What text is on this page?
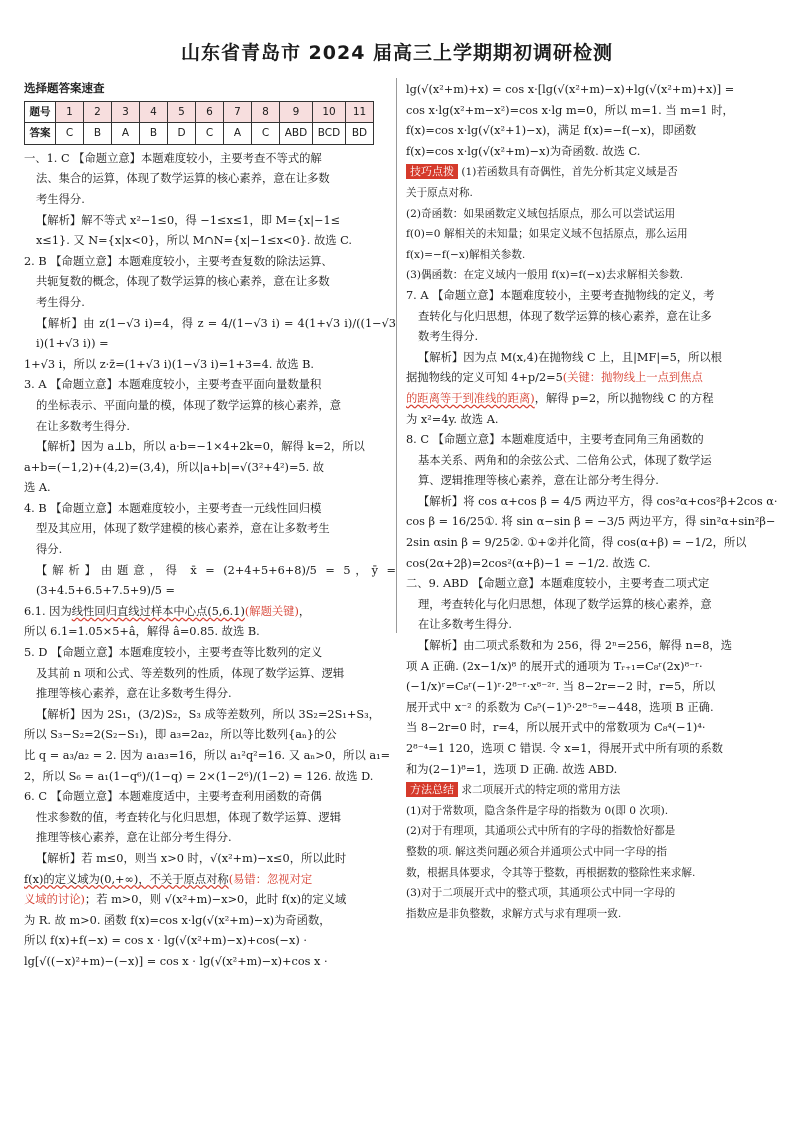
山东省青岛市 2024 届高三上学期期初调研检测
选择题答案速查
题号	1	2	3	4	5	6	7	8	9	10	11
答案	C	B	A	B	D	C	A	C	ABD	BCD	BD

一、1. C 【命题立意】本题难度较小，主要考查不等式的解

法、集合的运算，体现了数学运算的核心素养，意在让多数

考生得分.

【解析】解不等式 x²−1≤0，得 −1≤x≤1，即 M={x|−1≤

x≤1}. 又 N={x|x<0}，所以 M∩N={x|−1≤x<0}. 故选 C.

2. B 【命题立意】本题难度较小，主要考查复数的除法运算、

共轭复数的概念，体现了数学运算的核心素养，意在让多数

考生得分.

【解析】由 z(1−√3 i)=4，得 z = 4/(1−√3 i) = 4(1+√3 i)/((1−√3 i)(1+√3 i)) =

1+√3 i，所以 z·z̄=(1+√3 i)(1−√3 i)=1+3=4. 故选 B.

3. A 【命题立意】本题难度较小，主要考查平面向量数量积

的坐标表示、平面向量的模，体现了数学运算的核心素养，意

在让多数考生得分.

【解析】因为 a⊥b，所以 a·b=−1×4+2k=0，解得 k=2，所以

a+b=(−1,2)+(4,2)=(3,4)，所以|a+b|=√(3²+4²)=5. 故

选 A.

4. B 【命题立意】本题难度较小，主要考查一元线性回归模

型及其应用，体现了数学建模的核心素养，意在让多数考生

得分.

【解析】由题意，得 x̄ = (2+4+5+6+8)/5 = 5，ȳ = (3+4.5+6.5+7.5+9)/5 =

6.1. 因为线性回归直线过样本中心点(5,6.1)(解题关键)，

所以 6.1=1.05×5+â，解得 â=0.85. 故选 B.

5. D 【命题立意】本题难度较小，主要考查等比数列的定义

及其前 n 项和公式、等差数列的性质，体现了数学运算、逻辑

推理等核心素养，意在让多数考生得分.

【解析】因为 2S₁，(3/2)S₂，S₃ 成等差数列，所以 3S₂=2S₁+S₃，

所以 S₃−S₂=2(S₂−S₁)，即 a₃=2a₂，所以等比数列{aₙ}的公

比 q = a₃/a₂ = 2. 因为 a₁a₃=16，所以 a₁²q²=16. 又 aₙ>0，所以 a₁=

2，所以 S₆ = a₁(1−q⁶)/(1−q) = 2×(1−2⁶)/(1−2) = 126. 故选 D.

6. C 【命题立意】本题难度适中，主要考查利用函数的奇偶

性求参数的值，考查转化与化归思想，体现了数学运算、逻辑

推理等核心素养，意在让部分考生得分.

【解析】若 m≤0，则当 x>0 时，√(x²+m)−x≤0，所以此时

f(x)的定义域为(0,+∞)，不关于原点对称(易错：忽视对定

义域的讨论)；若 m>0，则 √(x²+m)−x>0，此时 f(x)的定义域

为 R. 故 m>0. 函数 f(x)=cos x·lg(√(x²+m)−x)为奇函数，

所以 f(x)+f(−x) = cos x · lg(√(x²+m)−x)+cos(−x) ·

lg[√((−x)²+m)−(−x)] = cos x · lg(√(x²+m)−x)+cos x ·

lg(√(x²+m)+x) = cos x·[lg(√(x²+m)−x)+lg(√(x²+m)+x)] =

cos x·lg(x²+m−x²)=cos x·lg m=0，所以 m=1. 当 m=1 时，

f(x)=cos x·lg(√(x²+1)−x)，满足 f(x)=−f(−x)，即函数

f(x)=cos x·lg(√(x²+m)−x)为奇函数. 故选 C.

技巧点拨 (1)若函数具有奇偶性，首先分析其定义域是否

关于原点对称.

(2)奇函数：如果函数定义域包括原点，那么可以尝试运用

f(0)=0 解相关的未知量；如果定义域不包括原点，那么运用

f(x)=−f(−x)解相关参数.

(3)偶函数：在定义域内一般用 f(x)=f(−x)去求解相关参数.

7. A 【命题立意】本题难度较小，主要考查抛物线的定义，考

查转化与化归思想，体现了数学运算的核心素养，意在让多

数考生得分.

【解析】因为点 M(x,4)在抛物线 C 上，且|MF|=5，所以根

据抛物线的定义可知 4+p/2=5(关键：抛物线上一点到焦点

的距离等于到准线的距离)，解得 p=2，所以抛物线 C 的方程

为 x²=4y. 故选 A.

8. C 【命题立意】本题难度适中，主要考查同角三角函数的

基本关系、两角和的余弦公式、二倍角公式，体现了数学运

算、逻辑推理等核心素养，意在让部分考生得分.

【解析】将 cos α+cos β = 4/5 两边平方，得 cos²α+cos²β+2cos α·

cos β = 16/25①. 将 sin α−sin β = −3/5 两边平方，得 sin²α+sin²β−

2sin αsin β = 9/25②. ①+②并化简，得 cos(α+β) = −1/2，所以

cos(2α+2β)=2cos²(α+β)−1 = −1/2. 故选 C.

二、9. ABD 【命题立意】本题难度较小，主要考查二项式定

理，考查转化与化归思想，体现了数学运算的核心素养，意

在让多数考生得分.

【解析】由二项式系数和为 256，得 2ⁿ=256，解得 n=8，选

项 A 正确. (2x−1/x)⁸ 的展开式的通项为 Tᵣ₊₁=C₈ʳ(2x)⁸⁻ʳ·

(−1/x)ʳ=C₈ʳ(−1)ʳ·2⁸⁻ʳ·x⁸⁻²ʳ. 当 8−2r=−2 时，r=5，所以

展开式中 x⁻² 的系数为 C₈⁵(−1)⁵·2⁸⁻⁵=−448，选项 B 正确.

当 8−2r=0 时，r=4，所以展开式中的常数项为 C₈⁴(−1)⁴·

2⁸⁻⁴=1 120，选项 C 错误. 令 x=1，得展开式中所有项的系数

和为(2−1)⁸=1，选项 D 正确. 故选 ABD.

方法总结 求二项展开式的特定项的常用方法

(1)对于常数项，隐含条件是字母的指数为 0(即 0 次项).

(2)对于有理项，其通项公式中所有的字母的指数恰好都是

整数的项. 解这类问题必须合并通项公式中同一字母的指

数，根据具体要求，令其等于整数，再根据数的整除性来求解.

(3)对于二项展开式中的整式项，其通项公式中同一字母的

指数应是非负整数，求解方式与求有理项一致.
